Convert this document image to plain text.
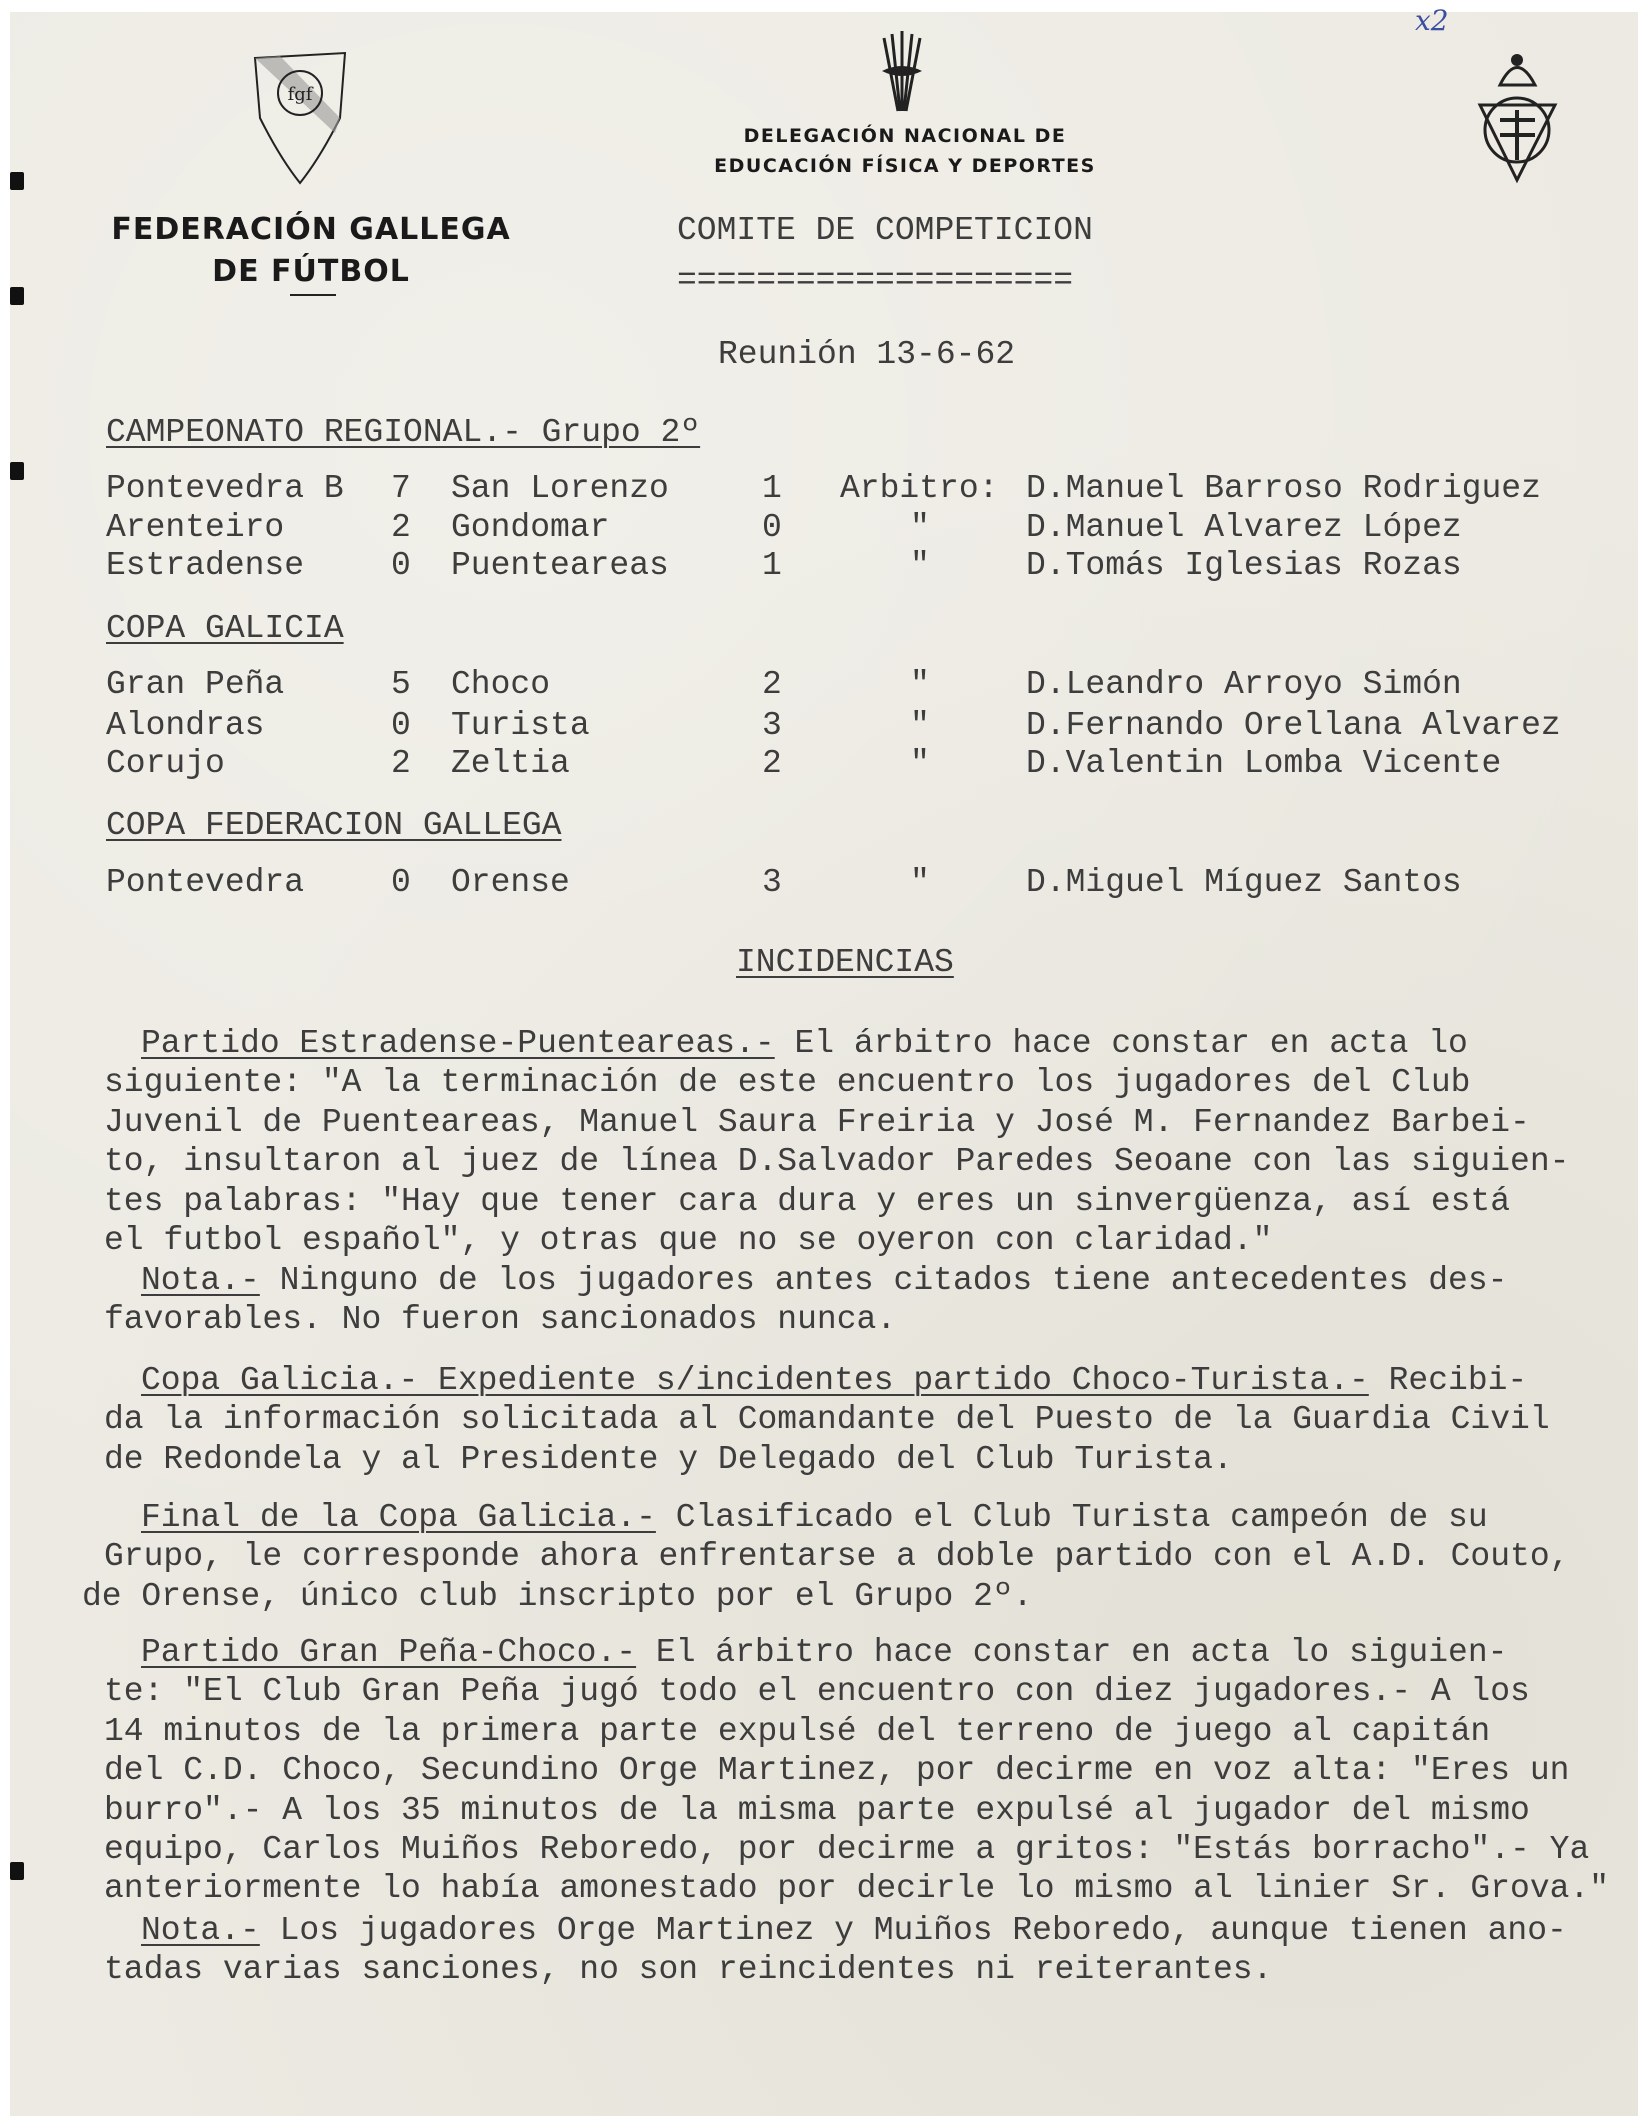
fgf
FEDERACIÓN GALLEGA
DE FÚTBOL
DELEGACIÓN NACIONAL DE
EDUCACIÓN FÍSICA Y DEPORTES
x2
COMITE DE COMPETICION
====================
Reunión 13-6-62
CAMPEONATO REGIONAL.- Grupo 2º
Pontevedra B 7 San Lorenzo	1 Arbitro: D.Manuel Barroso Rodriguez
Arenteiro	2 Gondomar	0	"	D.Manuel Alvarez López
Estradense	0 Puenteareas	1	"	D.Tomás Iglesias Rozas
COPA GALICIA
Gran Peña	5 Choco	2	"	D.Leandro Arroyo Simón
Alondras	0 Turista	3	"	D.Fernando Orellana Alvarez
Corujo	2 Zeltia	2	"	D.Valentin Lomba Vicente
COPA FEDERACION GALLEGA
Pontevedra	0 Orense	3	"	D.Miguel Míguez Santos
INCIDENCIAS
Partido Estradense-Puenteareas.- El árbitro hace constar en acta lo
siguiente: "A la terminación de este encuentro los jugadores del Club
Juvenil de Puenteareas, Manuel Saura Freiria y José M. Fernandez Barbei-
to, insultaron al juez de línea D.Salvador Paredes Seoane con las siguien-
tes palabras: "Hay que tener cara dura y eres un sinvergüenza, así está
el futbol español", y otras que no se oyeron con claridad."
Nota.- Ninguno de los jugadores antes citados tiene antecedentes des-
favorables. No fueron sancionados nunca.
Copa Galicia.- Expediente s/incidentes partido Choco-Turista.- Recibi-
da la información solicitada al Comandante del Puesto de la Guardia Civil
de Redondela y al Presidente y Delegado del Club Turista.
Final de la Copa Galicia.- Clasificado el Club Turista campeón de su
Grupo, le corresponde ahora enfrentarse a doble partido con el A.D. Couto,
de Orense, único club inscripto por el Grupo 2º.
Partido Gran Peña-Choco.- El árbitro hace constar en acta lo siguien-
te: "El Club Gran Peña jugó todo el encuentro con diez jugadores.- A los
14 minutos de la primera parte expulsé del terreno de juego al capitán
del C.D. Choco, Secundino Orge Martinez, por decirme en voz alta: "Eres un
burro".- A los 35 minutos de la misma parte expulsé al jugador del mismo
equipo, Carlos Muiños Reboredo, por decirme a gritos: "Estás borracho".- Ya
anteriormente lo había amonestado por decirle lo mismo al linier Sr. Grova."
Nota.- Los jugadores Orge Martinez y Muiños Reboredo, aunque tienen ano-
tadas varias sanciones, no son reincidentes ni reiterantes.
